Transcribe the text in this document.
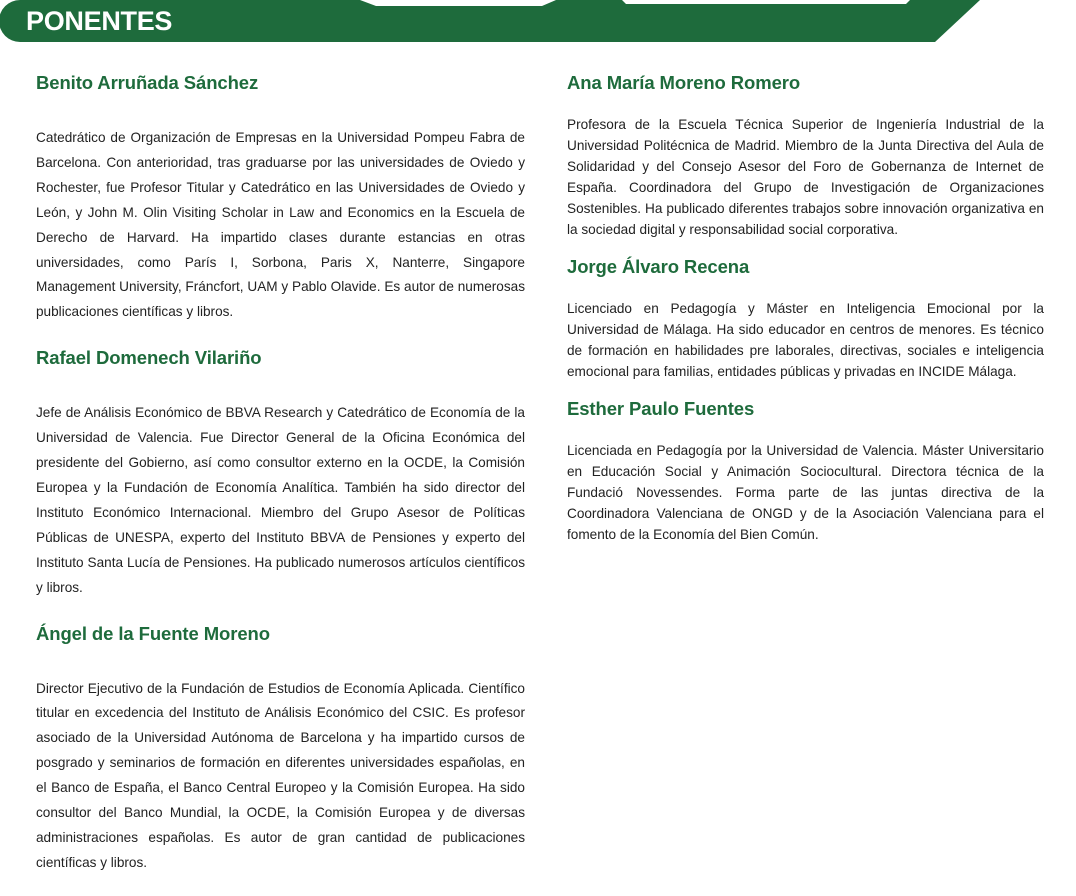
PONENTES
Benito Arruñada Sánchez

Catedrático de Organización de Empresas en la Universidad Pompeu Fabra de Barcelona. Con anterioridad, tras graduarse por las universidades de Oviedo y Rochester, fue Profesor Titular y Catedrático en las Universidades de Oviedo y León, y John M. Olin Visiting Scholar in Law and Economics en la Escuela de Derecho de Harvard. Ha impartido clases durante estancias en otras universidades, como París I, Sorbona, Paris X, Nanterre, Singapore Management University, Fráncfort, UAM y Pablo Olavide. Es autor de numerosas publicaciones científicas y libros.

Rafael Domenech Vilariño

Jefe de Análisis Económico de BBVA Research y Catedrático de Economía de la Universidad de Valencia. Fue Director General de la Oficina Económica del presidente del Gobierno, así como consultor externo en la OCDE, la Comisión Europea y la Fundación de Economía Analítica. También ha sido director del Instituto Económico Internacional. Miembro del Grupo Asesor de Políticas Públicas de UNESPA, experto del Instituto BBVA de Pensiones y experto del Instituto Santa Lucía de Pensiones. Ha publicado numerosos artículos científicos y libros.

Ángel de la Fuente Moreno

Director Ejecutivo de la Fundación de Estudios de Economía Aplicada. Científico titular en excedencia del Instituto de Análisis Económico del CSIC. Es profesor asociado de la Universidad Autónoma de Barcelona y ha impartido cursos de posgrado y seminarios de formación en diferentes universidades españolas, en el Banco de España, el Banco Central Europeo y la Comisión Europea. Ha sido consultor del Banco Mundial, la OCDE, la Comisión Europea y de diversas administraciones españolas. Es autor de gran cantidad de publicaciones científicas y libros.

Ana María Moreno Romero

Profesora de la Escuela Técnica Superior de Ingeniería Industrial de la Universidad Politécnica de Madrid. Miembro de la Junta Directiva del Aula de Solidaridad y del Consejo Asesor del Foro de Gobernanza de Internet de España. Coordinadora del Grupo de Investigación de Organizaciones Sostenibles. Ha publicado diferentes trabajos sobre innovación organizativa en la sociedad digital y responsabilidad social corporativa.

Jorge Álvaro Recena

Licenciado en Pedagogía y Máster en Inteligencia Emocional por la Universidad de Málaga. Ha sido educador en centros de menores. Es técnico de formación en habilidades pre laborales, directivas, sociales e inteligencia emocional para familias, entidades públicas y privadas en INCIDE Málaga.

Esther Paulo Fuentes

Licenciada en Pedagogía por la Universidad de Valencia. Máster Universitario en Educación Social y Animación Sociocultural. Directora técnica de la Fundació Novessendes. Forma parte de las juntas directiva de la Coordinadora Valenciana de ONGD y de la Asociación Valenciana para el fomento de la Economía del Bien Común.
